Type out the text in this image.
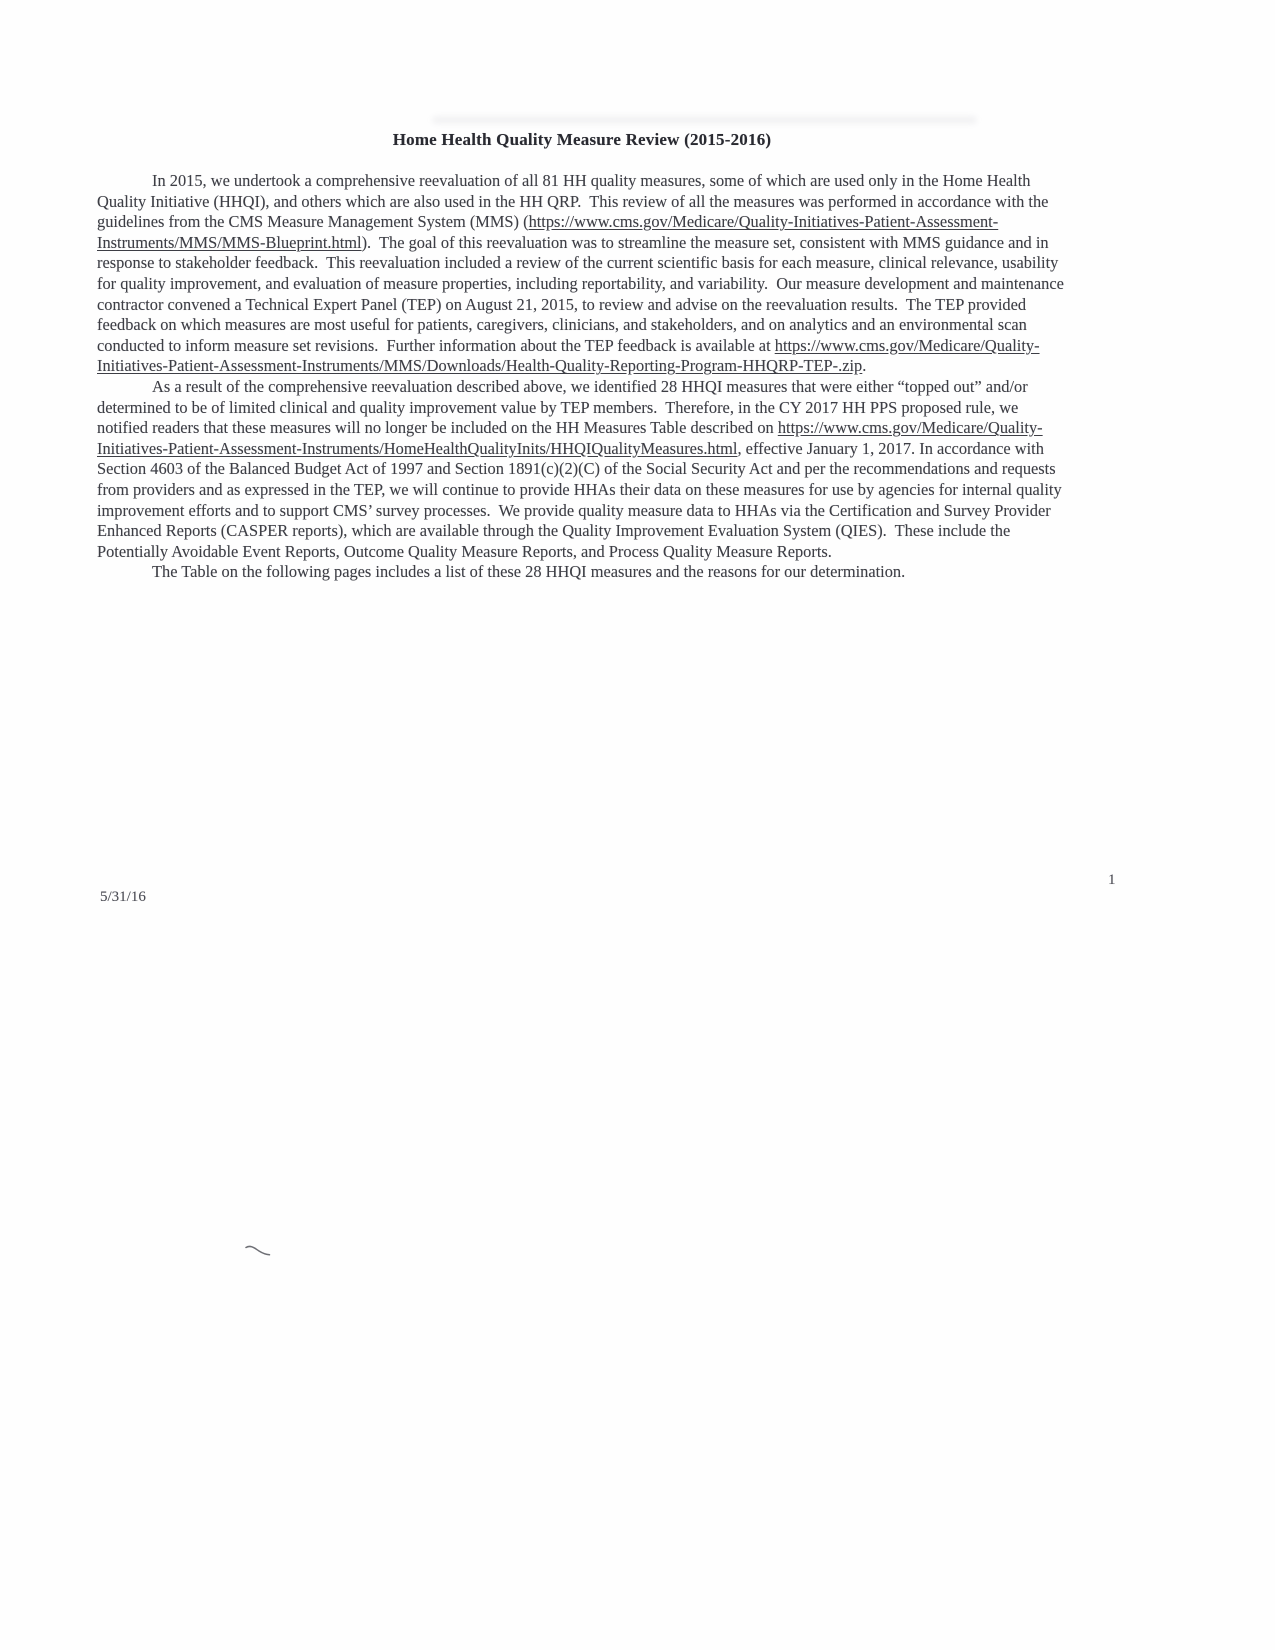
Home Health Quality Measure Review (2015-2016)

In 2015, we undertook a comprehensive reevaluation of all 81 HH quality measures, some of which are used only in the Home Health Quality Initiative (HHQI), and others which are also used in the HH QRP.  This review of all the measures was performed in accordance with the guidelines from the CMS Measure Management System (MMS) (https://www.cms.gov/Medicare/Quality-Initiatives-Patient-Assessment-Instruments/MMS/MMS-Blueprint.html).  The goal of this reevaluation was to streamline the measure set, consistent with MMS guidance and in response to stakeholder feedback.  This reevaluation included a review of the current scientific basis for each measure, clinical relevance, usability for quality improvement, and evaluation of measure properties, including reportability, and variability.  Our measure development and maintenance contractor convened a Technical Expert Panel (TEP) on August 21, 2015, to review and advise on the reevaluation results.  The TEP provided feedback on which measures are most useful for patients, caregivers, clinicians, and stakeholders, and on analytics and an environmental scan conducted to inform measure set revisions.  Further information about the TEP feedback is available at https://www.cms.gov/Medicare/Quality-Initiatives-Patient-Assessment-Instruments/MMS/Downloads/Health-Quality-Reporting-Program-HHQRP-TEP-.zip.

As a result of the comprehensive reevaluation described above, we identified 28 HHQI measures that were either “topped out” and/or determined to be of limited clinical and quality improvement value by TEP members.  Therefore, in the CY 2017 HH PPS proposed rule, we notified readers that these measures will no longer be included on the HH Measures Table described on https://www.cms.gov/Medicare/Quality-Initiatives-Patient-Assessment-Instruments/HomeHealthQualityInits/HHQIQualityMeasures.html, effective January 1, 2017. In accordance with Section 4603 of the Balanced Budget Act of 1997 and Section 1891(c)(2)(C) of the Social Security Act and per the recommendations and requests from providers and as expressed in the TEP, we will continue to provide HHAs their data on these measures for use by agencies for internal quality improvement efforts and to support CMS’ survey processes.  We provide quality measure data to HHAs via the Certification and Survey Provider Enhanced Reports (CASPER reports), which are available through the Quality Improvement Evaluation System (QIES).  These include the Potentially Avoidable Event Reports, Outcome Quality Measure Reports, and Process Quality Measure Reports.

The Table on the following pages includes a list of these 28 HHQI measures and the reasons for our determination.

5/31/16
1
